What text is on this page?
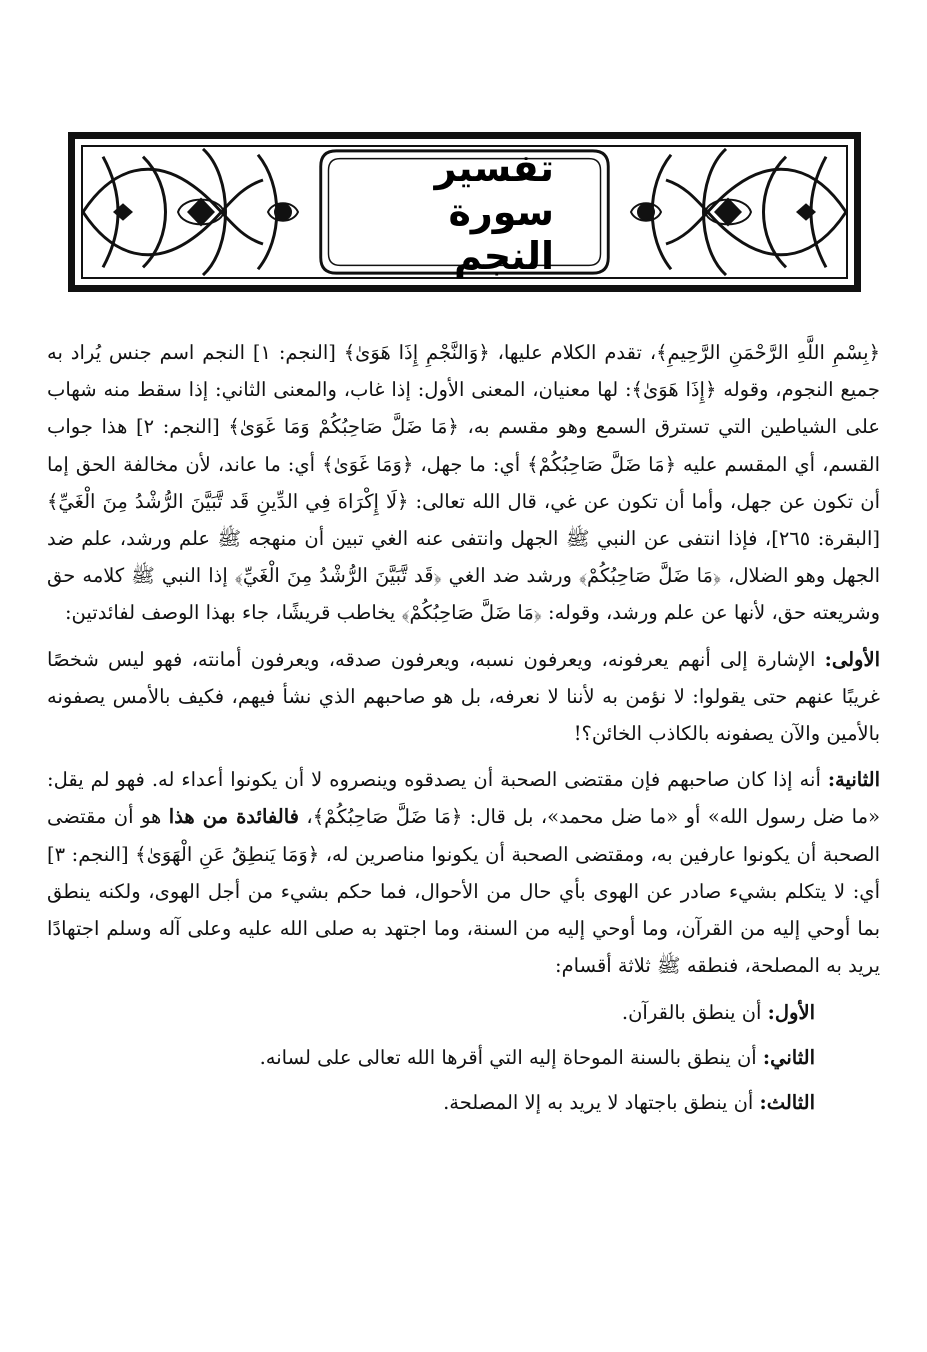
تفسير سورة النجم

﴿بِسْمِ اللَّهِ الرَّحْمَنِ الرَّحِيمِ﴾، تقدم الكلام عليها، ﴿وَالنَّجْمِ إِذَا هَوَىٰ﴾ [النجم: ١] النجم اسم جنس يُراد به جميع النجوم، وقوله ﴿إِذَا هَوَىٰ﴾: لها معنيان، المعنى الأول: إذا غاب، والمعنى الثاني: إذا سقط منه شهاب على الشياطين التي تسترق السمع وهو مقسم به، ﴿مَا ضَلَّ صَاحِبُكُمْ وَمَا غَوَىٰ﴾ [النجم: ٢] هذا جواب القسم، أي المقسم عليه ﴿مَا ضَلَّ صَاحِبُكُمْ﴾ أي: ما جهل، ﴿وَمَا غَوَىٰ﴾ أي: ما عاند، لأن مخالفة الحق إما أن تكون عن جهل، وأما أن تكون عن غي، قال الله تعالى: ﴿لَا إِكْرَاهَ فِي الدِّينِ قَد تَّبَيَّنَ الرُّشْدُ مِنَ الْغَيِّ﴾ [البقرة: ٢٦٥]، فإذا انتفى عن النبي ﷺ الجهل وانتفى عنه الغي تبين أن منهجه ﷺ علم ورشد، علم ضد الجهل وهو الضلال، ﴿مَا ضَلَّ صَاحِبُكُمْ﴾ ورشد ضد الغي ﴿قَد تَّبَيَّنَ الرُّشْدُ مِنَ الْغَيِّ﴾ إذا النبي ﷺ كلامه حق وشريعته حق، لأنها عن علم ورشد، وقوله: ﴿مَا ضَلَّ صَاحِبُكُمْ﴾ يخاطب قريشًا، جاء بهذا الوصف لفائدتين:

الأولى: الإشارة إلى أنهم يعرفونه، ويعرفون نسبه، ويعرفون صدقه، ويعرفون أمانته، فهو ليس شخصًا غريبًا عنهم حتى يقولوا: لا نؤمن به لأننا لا نعرفه، بل هو صاحبهم الذي نشأ فيهم، فكيف بالأمس يصفونه بالأمين والآن يصفونه بالكاذب الخائن؟!

الثانية: أنه إذا كان صاحبهم فإن مقتضى الصحبة أن يصدقوه وينصروه لا أن يكونوا أعداء له. فهو لم يقل: «ما ضل رسول الله» أو «ما ضل محمد»، بل قال: ﴿مَا ضَلَّ صَاحِبُكُمْ﴾، فالفائدة من هذا هو أن مقتضى الصحبة أن يكونوا عارفين به، ومقتضى الصحبة أن يكونوا مناصرين له، ﴿وَمَا يَنطِقُ عَنِ الْهَوَىٰ﴾ [النجم: ٣] أي: لا يتكلم بشيء صادر عن الهوى بأي حال من الأحوال، فما حكم بشيء من أجل الهوى، ولكنه ينطق بما أوحي إليه من القرآن، وما أوحي إليه من السنة، وما اجتهد به صلى الله عليه وعلى آله وسلم اجتهادًا يريد به المصلحة، فنطقه ﷺ ثلاثة أقسام:

الأول: أن ينطق بالقرآن.

الثاني: أن ينطق بالسنة الموحاة إليه التي أقرها الله تعالى على لسانه.

الثالث: أن ينطق باجتهاد لا يريد به إلا المصلحة.
